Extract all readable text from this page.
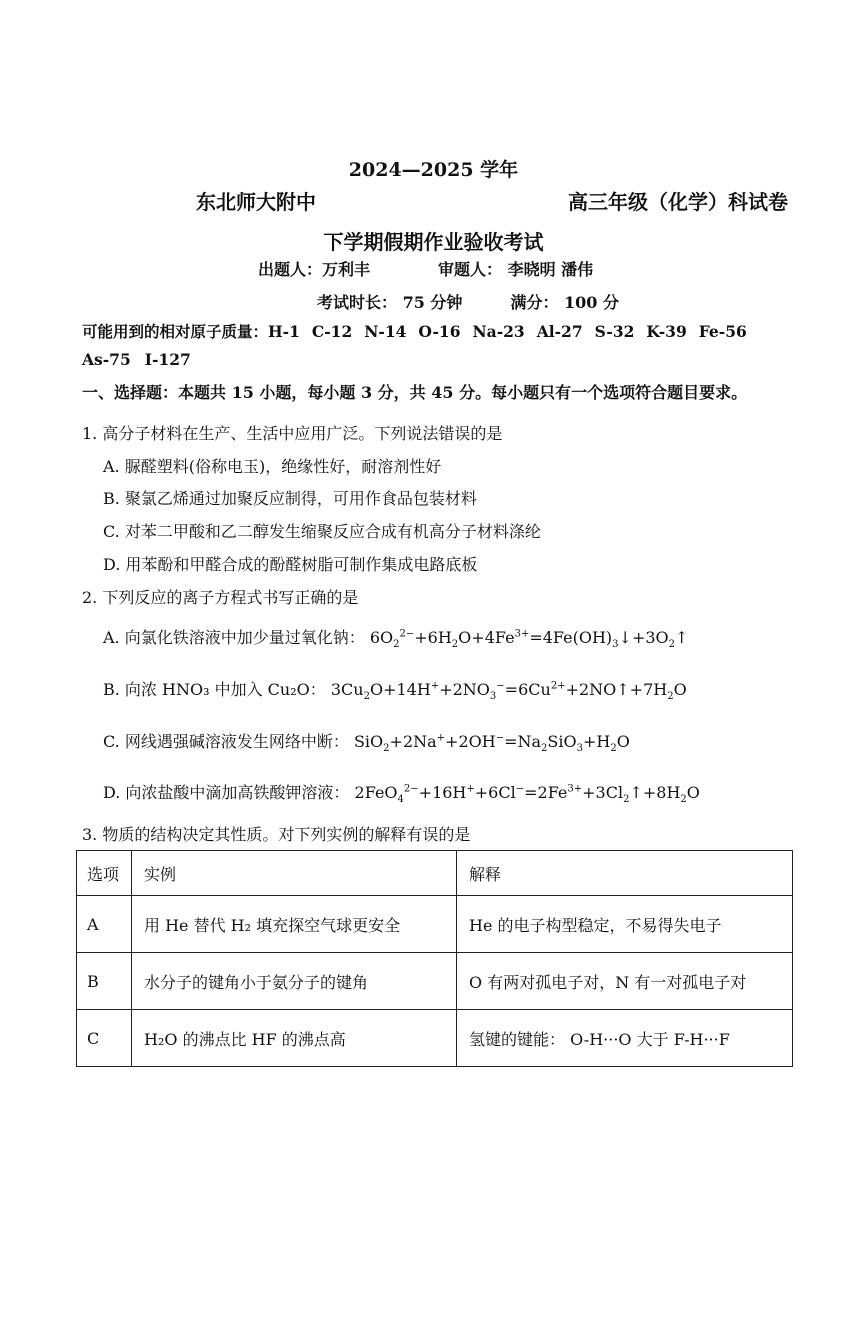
2024—2025 学年
东北师大附中	高三年级（化学）科试卷
下学期假期作业验收考试
出题人：万利丰	审题人： 李晓明 潘伟
考试时长： 75 分钟	满分： 100 分
可能用到的相对原子质量：H-1 C-12 N-14 O-16 Na-23 Al-27 S-32 K-39 Fe-56
As-75 I-127
一、选择题：本题共 15 小题，每小题 3 分，共 45 分。每小题只有一个选项符合题目要求。
1. 高分子材料在生产、生活中应用广泛。下列说法错误的是
A. 脲醛塑料(俗称电玉)，绝缘性好，耐溶剂性好
B. 聚氯乙烯通过加聚反应制得，可用作食品包装材料
C. 对苯二甲酸和乙二醇发生缩聚反应合成有机高分子材料涤纶
D. 用苯酚和甲醛合成的酚醛树脂可制作集成电路底板
2. 下列反应的离子方程式书写正确的是
A. 向氯化铁溶液中加少量过氧化钠： $6O_2^{2-}+6H_2O+4Fe^{3+}=4Fe(OH)_3↓+3O_2↑$
B. 向浓 HNO₃ 中加入 Cu₂O： $3Cu_2O+14H^++2NO_3^-=6Cu^{2+}+2NO↑+7H_2O$
C. 网线遇强碱溶液发生网络中断： $SiO_2+2Na^++2OH^-=Na_2SiO_3+H_2O$
D. 向浓盐酸中滴加高铁酸钾溶液： $2FeO_4^{2-}+16H^++6Cl^-=2Fe^{3+}+3Cl_2↑+8H_2O$
3. 物质的结构决定其性质。对下列实例的解释有误的是
选项	实例	解释
A	用 He 替代 H₂ 填充探空气球更安全	He 的电子构型稳定，不易得失电子
B	水分子的键角小于氨分子的键角	O 有两对孤电子对，N 有一对孤电子对
C	H₂O 的沸点比 HF 的沸点高	氢键的键能： O-H···O 大于 F-H···F
